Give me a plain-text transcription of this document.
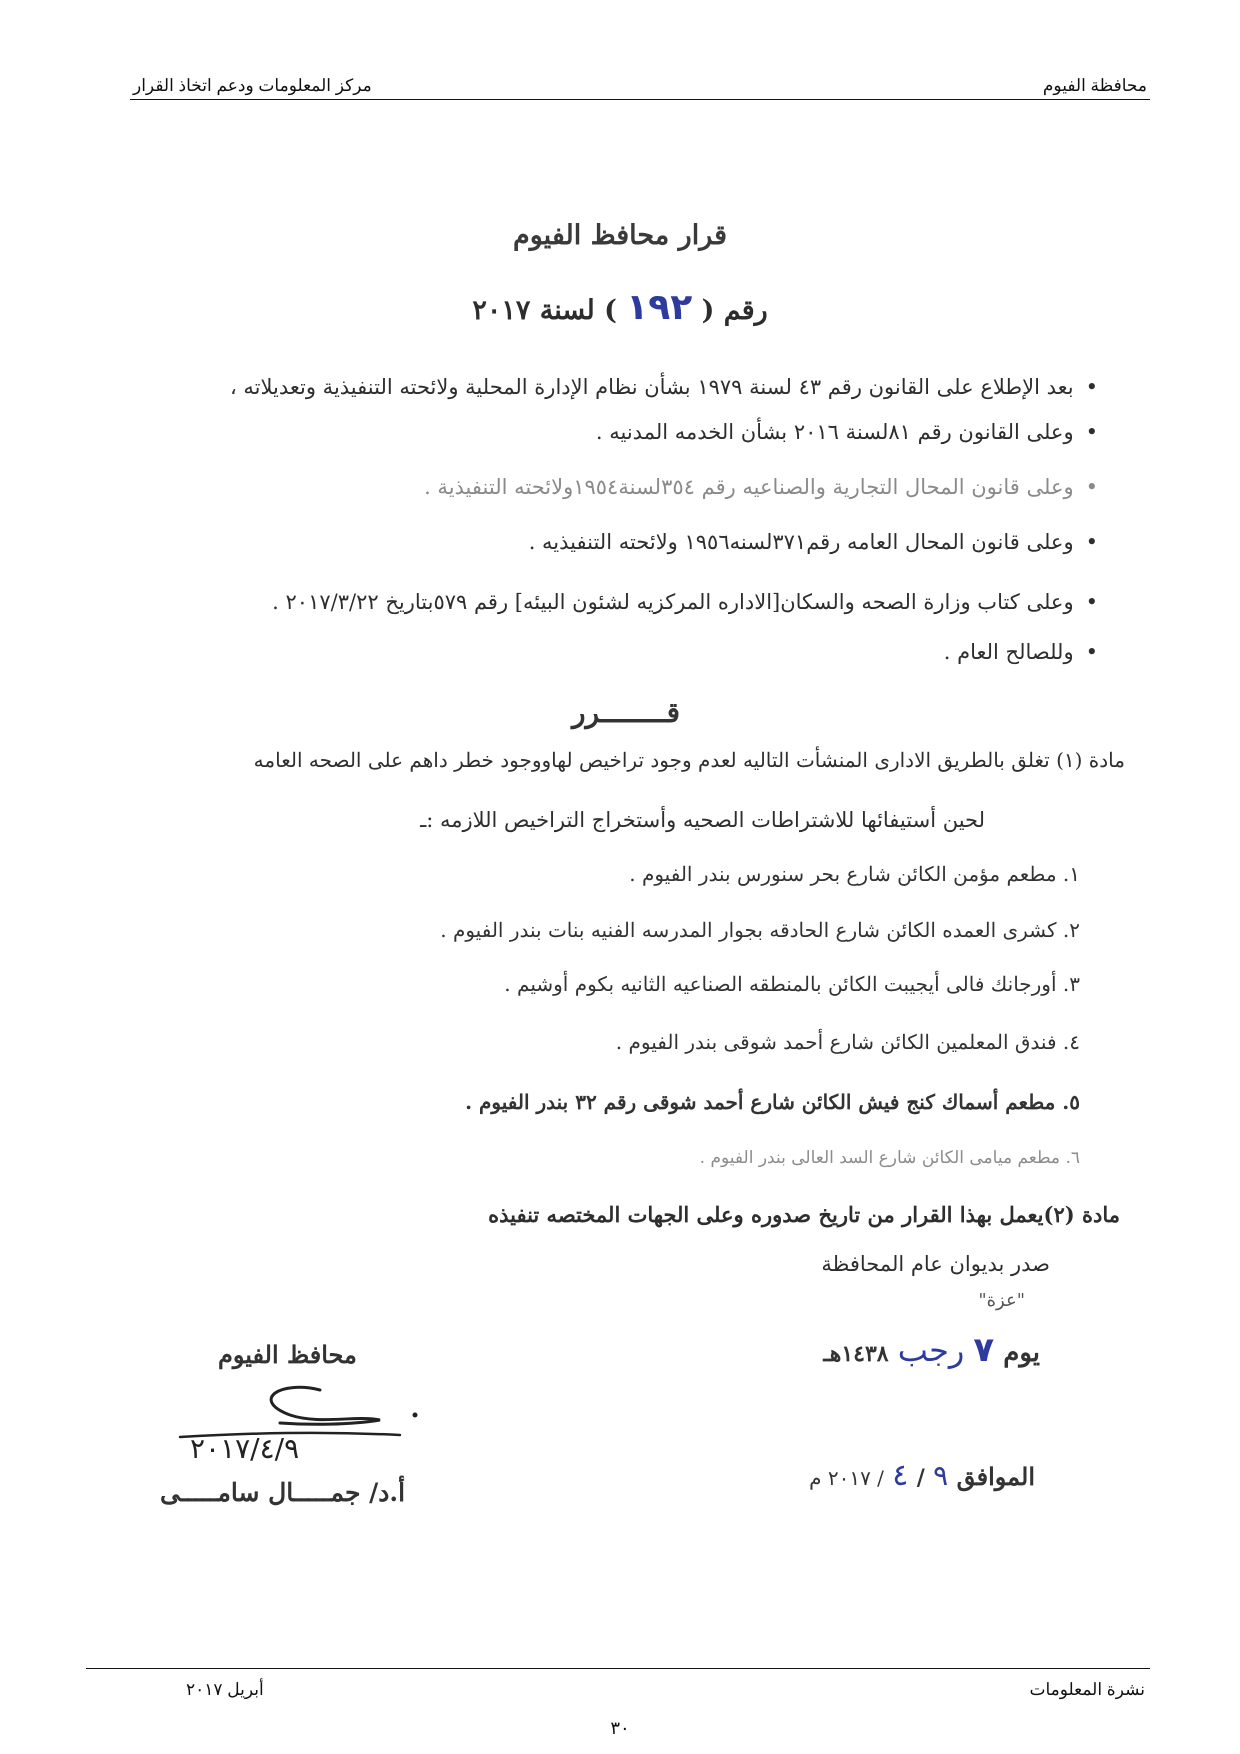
محافظة الفيوم
مركز المعلومات ودعم اتخاذ القرار
قرار محافظ الفيوم
رقم ( ١٩٢ ) لسنة ٢٠١٧
•بعد الإطلاع على القانون رقم ٤٣ لسنة ١٩٧٩ بشأن نظام الإدارة المحلية ولائحته التنفيذية وتعديلاته ،
•وعلى القانون رقم ٨١لسنة ٢٠١٦ بشأن الخدمه المدنيه .
•وعلى قانون المحال التجارية والصناعيه رقم ٣٥٤لسنة١٩٥٤ولائحته التنفيذية .
•وعلى قانون المحال العامه رقم٣٧١لسنه١٩٥٦ ولائحته التنفيذيه .
•وعلى كتاب وزارة الصحه والسكان[الاداره المركزيه لشئون البيئه] رقم ٥٧٩بتاريخ ٢٠١٧/٣/٢٢ .
•وللصالح العام .
قــــــــرر
مادة (١) تغلق بالطريق الادارى المنشأت التاليه لعدم وجود تراخيص لهاووجود خطر داهم على الصحه العامه
لحين أستيفائها للاشتراطات الصحيه وأستخراج التراخيص اللازمه :ـ
١. مطعم مؤمن الكائن شارع بحر سنورس بندر الفيوم .
٢. كشرى العمده الكائن شارع الحادقه بجوار المدرسه الفنيه بنات بندر الفيوم .
٣. أورجانك فالى أيجيبت الكائن بالمنطقه الصناعيه الثانيه بكوم أوشيم .
٤. فندق المعلمين الكائن شارع أحمد شوقى بندر الفيوم .
٥. مطعم أسماك كنج فيش الكائن شارع أحمد شوقى رقم ٣٢ بندر الفيوم .
٦. مطعم ميامى الكائن شارع السد العالى بندر الفيوم .
مادة (٢)يعمل بهذا القرار من تاريخ صدوره وعلى الجهات المختصه تنفيذه
صدر بديوان عام المحافظة
"عزة"
يوم ٧ رجب ١٤٣٨هـ
الموافق ٩ / ٤ / ٢٠١٧ م
محافظ الفيوم
٢٠١٧/٤/٩
أ.د/ جمـــــال سامـــــى
نشرة المعلومات
أبريل ٢٠١٧
٣٠
